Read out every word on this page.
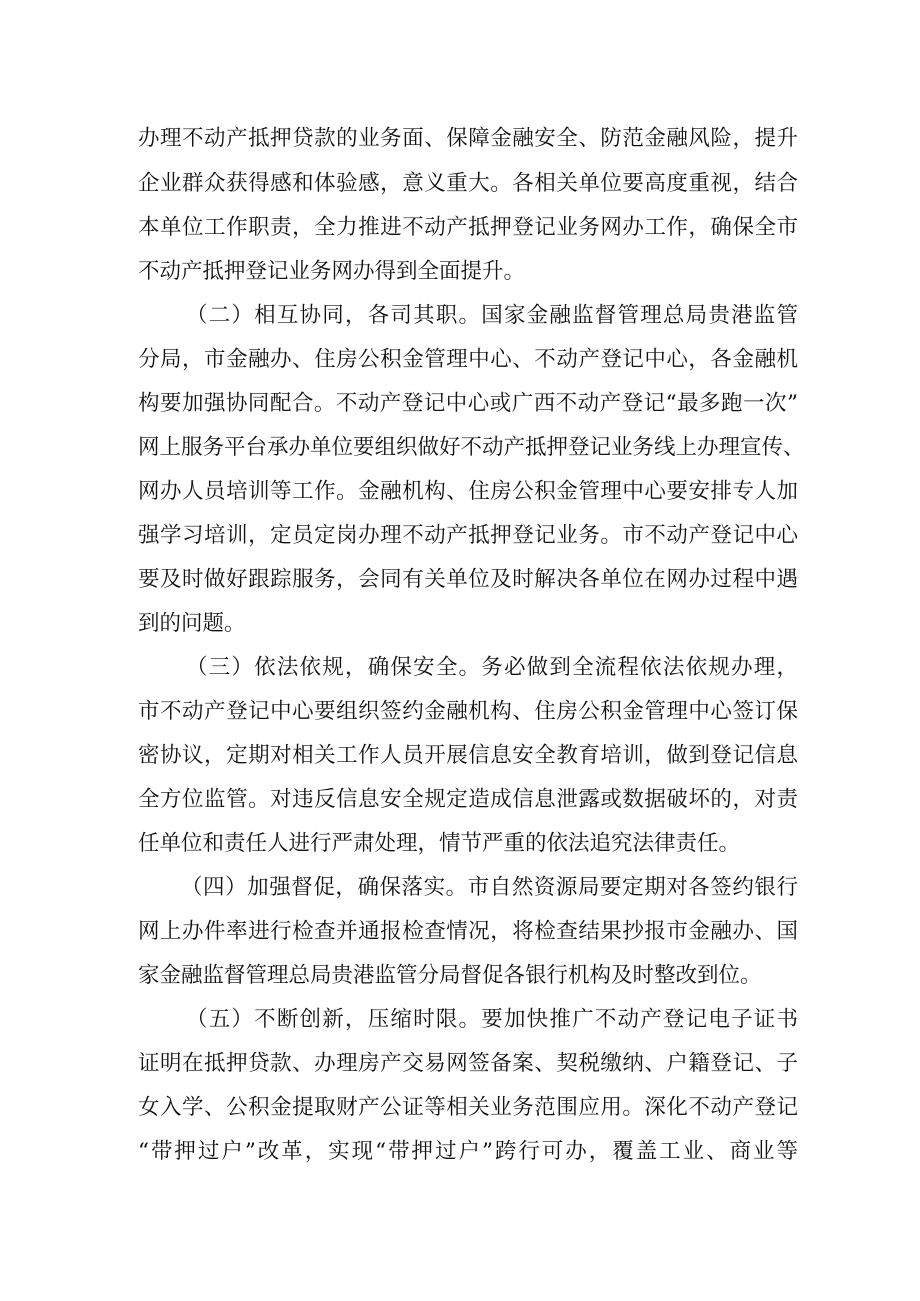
办理不动产抵押贷款的业务面、保障金融安全、防范金融风险，提升
企业群众获得感和体验感，意义重大。各相关单位要高度重视，结合
本单位工作职责，全力推进不动产抵押登记业务网办工作，确保全市
不动产抵押登记业务网办得到全面提升。
（二）相互协同，各司其职。国家金融监督管理总局贵港监管
分局，市金融办、住房公积金管理中心、不动产登记中心，各金融机
构要加强协同配合。不动产登记中心或广西不动产登记“最多跑一次”
网上服务平台承办单位要组织做好不动产抵押登记业务线上办理宣传、
网办人员培训等工作。金融机构、住房公积金管理中心要安排专人加
强学习培训，定员定岗办理不动产抵押登记业务。市不动产登记中心
要及时做好跟踪服务，会同有关单位及时解决各单位在网办过程中遇
到的问题。
（三）依法依规，确保安全。务必做到全流程依法依规办理，
市不动产登记中心要组织签约金融机构、住房公积金管理中心签订保
密协议，定期对相关工作人员开展信息安全教育培训，做到登记信息
全方位监管。对违反信息安全规定造成信息泄露或数据破坏的，对责
任单位和责任人进行严肃处理，情节严重的依法追究法律责任。
（四）加强督促，确保落实。市自然资源局要定期对各签约银行
网上办件率进行检查并通报检查情况，将检查结果抄报市金融办、国
家金融监督管理总局贵港监管分局督促各银行机构及时整改到位。
（五）不断创新，压缩时限。要加快推广不动产登记电子证书
证明在抵押贷款、办理房产交易网签备案、契税缴纳、户籍登记、子
女入学、公积金提取财产公证等相关业务范围应用。深化不动产登记
“带押过户”改革，实现“带押过户”跨行可办，覆盖工业、商业等
